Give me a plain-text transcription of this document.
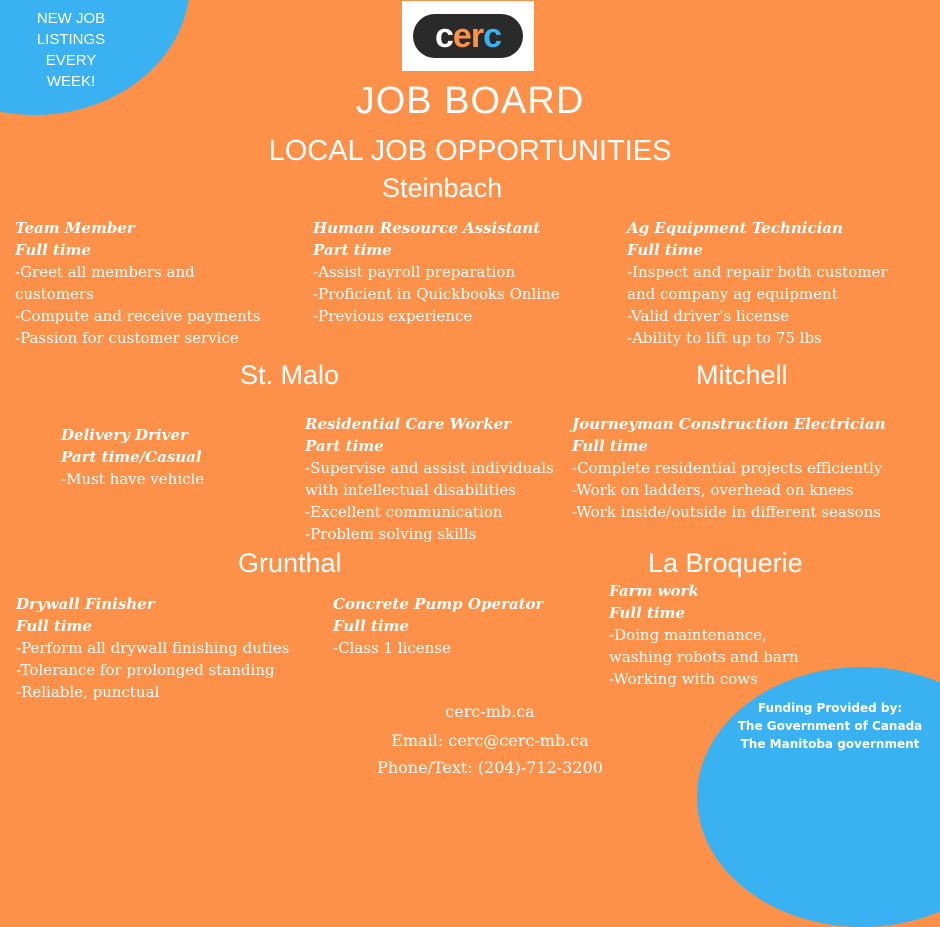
NEW JOB
LISTINGS
EVERY
WEEK!
c er c
JOB BOARD
LOCAL JOB OPPORTUNITIES
Steinbach
St. Malo	Mitchell
Grunthal	La Broquerie
Team Member
Full time
-Greet all members and
customers
-Compute and receive payments
-Passion for customer service
Human Resource Assistant
Part time
-Assist payroll preparation
-Proficient in Quickbooks Online
-Previous experience
Ag Equipment Technician
Full time
-Inspect and repair both customer
and company ag equipment
-Valid driver's license
-Ability to lift up to 75 lbs
Delivery Driver
Part time/Casual
-Must have vehicle
Residential Care Worker
Part time
-Supervise and assist individuals
with intellectual disabilities
-Excellent communication
-Problem solving skills
Journeyman Construction Electrician
Full time
-Complete residential projects efficiently
-Work on ladders, overhead on knees
-Work inside/outside in different seasons
Drywall Finisher
Full time
-Perform all drywall finishing duties
-Tolerance for prolonged standing
-Reliable, punctual
Concrete Pump Operator
Full time
-Class 1 license
Farm work
Full time
-Doing maintenance,
washing robots and barn
-Working with cows
cerc-mb.ca
Email: cerc@cerc-mb.ca
Phone/Text: (204)-712-3200
Funding Provided by:
The Government of Canada
The Manitoba government
